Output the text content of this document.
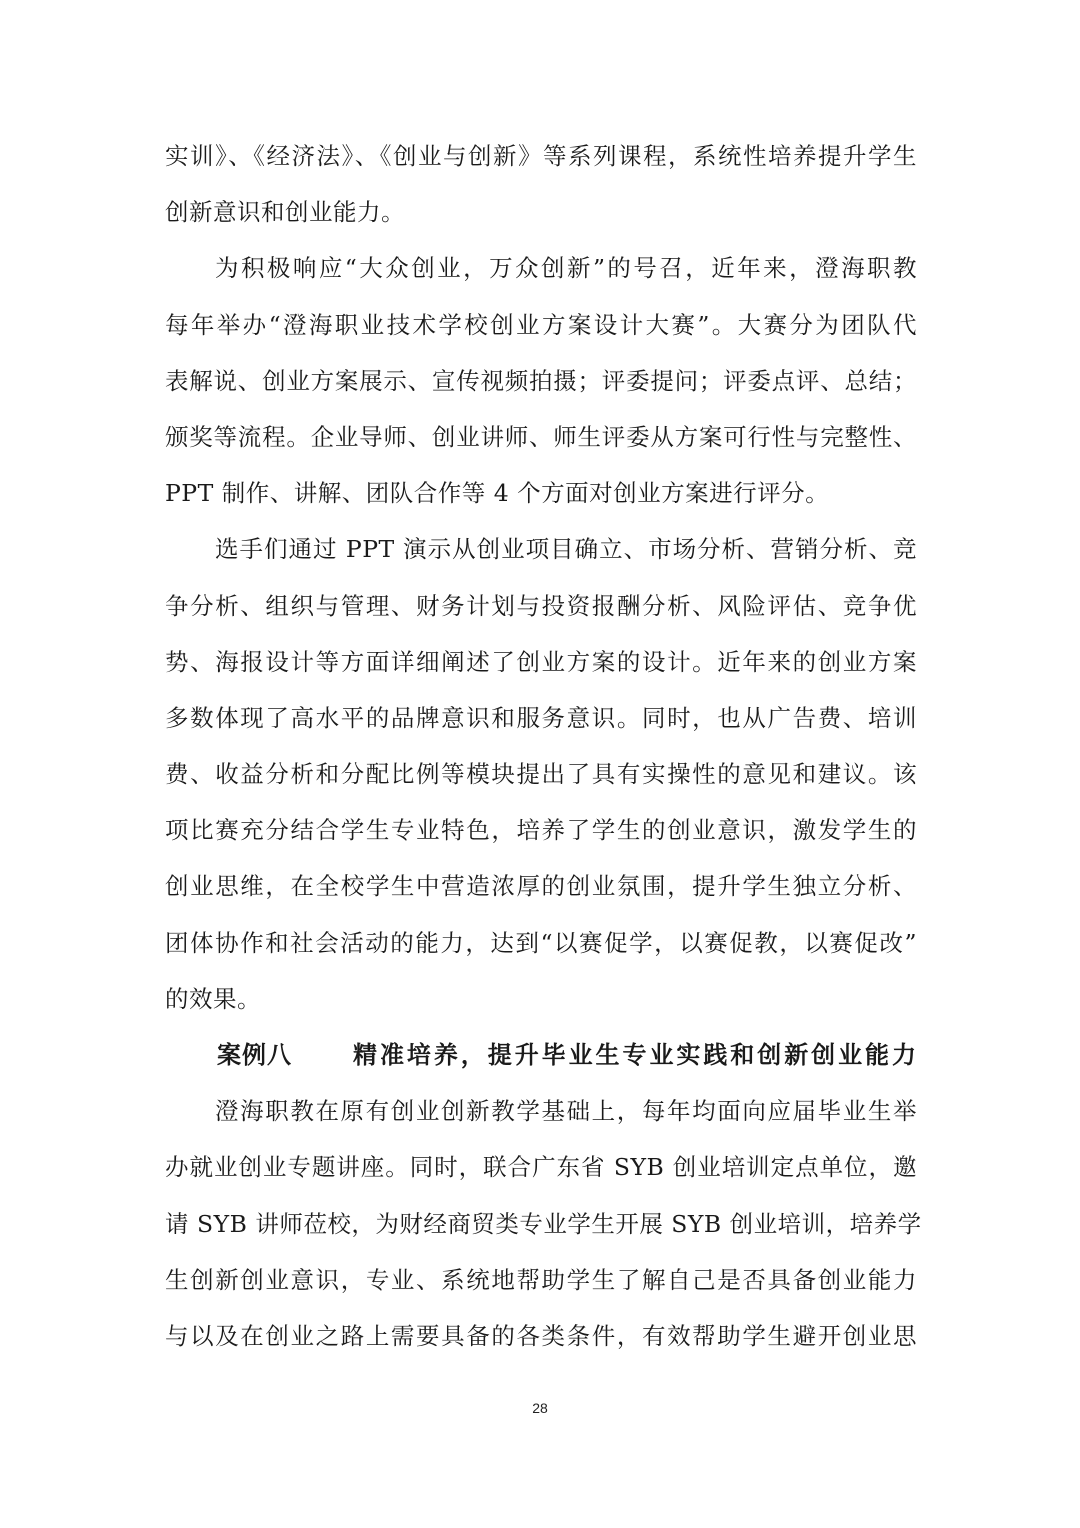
实训》、《经济法》、《创业与创新》等系列课程，系统性培养提升学生
创新意识和创业能力。
为积极响应“大众创业，万众创新”的号召，近年来，澄海职教
每年举办“澄海职业技术学校创业方案设计大赛”。大赛分为团队代
表解说、创业方案展示、宣传视频拍摄；评委提问；评委点评、总结；
颁奖等流程。企业导师、创业讲师、师生评委从方案可行性与完整性、
PPT 制作、讲解、团队合作等 4 个方面对创业方案进行评分。
选手们通过 PPT 演示从创业项目确立、市场分析、营销分析、竞
争分析、组织与管理、财务计划与投资报酬分析、风险评估、竞争优
势、海报设计等方面详细阐述了创业方案的设计。近年来的创业方案
多数体现了高水平的品牌意识和服务意识。同时，也从广告费、培训
费、收益分析和分配比例等模块提出了具有实操性的意见和建议。该
项比赛充分结合学生专业特色，培养了学生的创业意识，激发学生的
创业思维，在全校学生中营造浓厚的创业氛围，提升学生独立分析、
团体协作和社会活动的能力，达到“以赛促学，以赛促教，以赛促改”
的效果。
案例八	精准培养，提升毕业生专业实践和创新创业能力
澄海职教在原有创业创新教学基础上，每年均面向应届毕业生举
办就业创业专题讲座。同时，联合广东省 SYB 创业培训定点单位，邀
请 SYB 讲师莅校，为财经商贸类专业学生开展 SYB 创业培训，培养学
生创新创业意识，专业、系统地帮助学生了解自己是否具备创业能力
与以及在创业之路上需要具备的各类条件，有效帮助学生避开创业思
28
